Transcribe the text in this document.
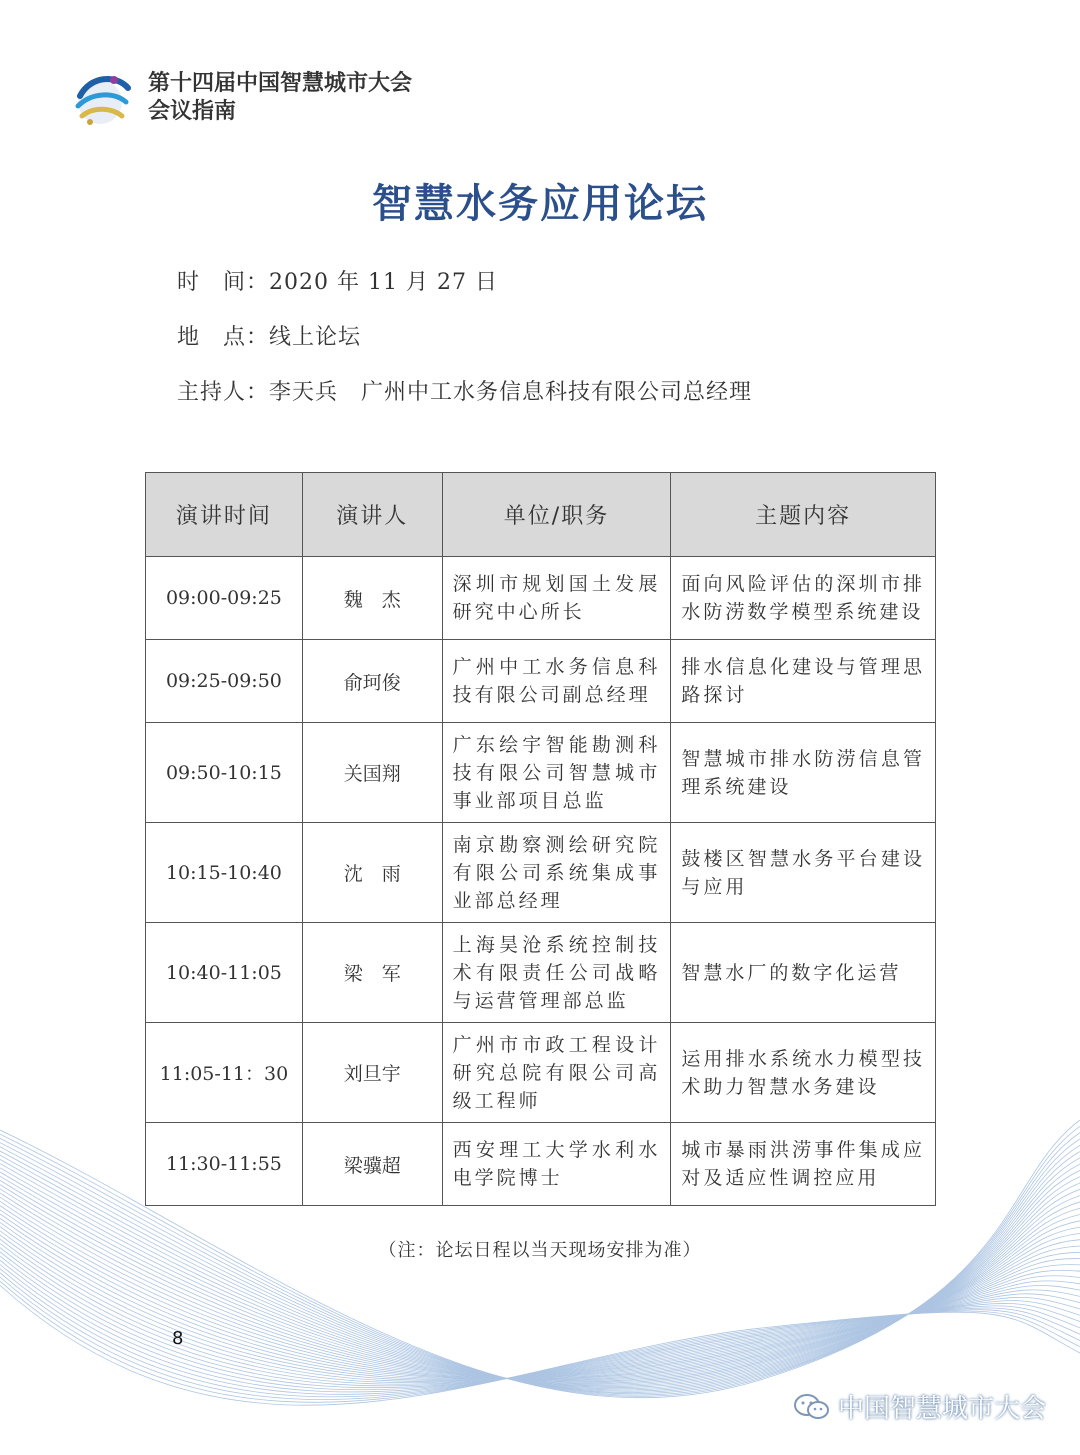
第十四届中国智慧城市大会
会议指南
智慧水务应用论坛
时　间：2020 年 11 月 27 日
地　点：线上论坛
主持人：李天兵　广州中工水务信息科技有限公司总经理
演讲时间	演讲人	单位/职务	主题内容
09:00-09:25	魏　杰	深圳市规划国土发展研究中心所长	面向风险评估的深圳市排水防涝数学模型系统建设
09:25-09:50	俞珂俊	广州中工水务信息科技有限公司副总经理	排水信息化建设与管理思路探讨
09:50-10:15	关国翔	广东绘宇智能勘测科技有限公司智慧城市事业部项目总监	智慧城市排水防涝信息管理系统建设
10:15-10:40	沈　雨	南京勘察测绘研究院有限公司系统集成事业部总经理	鼓楼区智慧水务平台建设与应用
10:40-11:05	梁　军	上海昊沧系统控制技术有限责任公司战略与运营管理部总监	智慧水厂的数字化运营
11:05-11：30	刘旦宇	广州市市政工程设计研究总院有限公司高级工程师	运用排水系统水力模型技术助力智慧水务建设
11:30-11:55	梁骥超	西安理工大学水利水电学院博士	城市暴雨洪涝事件集成应对及适应性调控应用
（注：论坛日程以当天现场安排为准）
8
中国智慧城市大会
